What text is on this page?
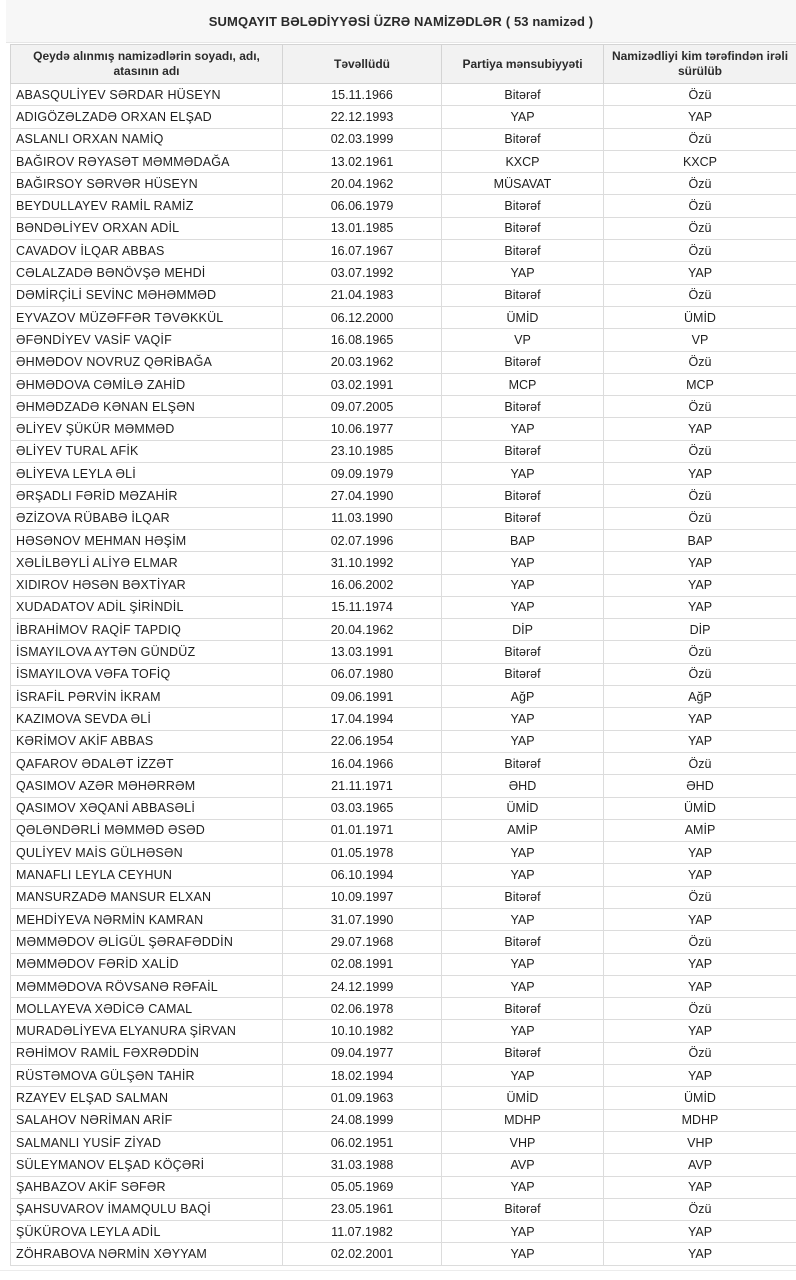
SUMQAYIT BƏLƏDİYYƏSİ ÜZRƏ NAMİZƏDLƏR ( 53 namizəd )
Qeydə alınmış namizədlərin soyadı, adı, atasının adı	Təvəllüdü	Partiya mənsubiyyəti	Namizədliyi kim tərəfindən irəli sürülüb
ABASQULİYEV SƏRDAR HÜSEYN	15.11.1966	Bitərəf	Özü
ADIGÖZƏLZADƏ ORXAN ELŞAD	22.12.1993	YAP	YAP
ASLANLI ORXAN NAMİQ	02.03.1999	Bitərəf	Özü
BAĞIROV RƏYASƏT MƏMMƏDAĞA	13.02.1961	KXCP	KXCP
BAĞIRSOY SƏRVƏR HÜSEYN	20.04.1962	MÜSAVAT	Özü
BEYDULLAYEV RAMİL RAMİZ	06.06.1979	Bitərəf	Özü
BƏNDƏLİYEV ORXAN ADİL	13.01.1985	Bitərəf	Özü
CAVADOV İLQAR ABBAS	16.07.1967	Bitərəf	Özü
CƏLALZADƏ BƏNÖVŞƏ MEHDİ	03.07.1992	YAP	YAP
DƏMİRÇİLİ SEVİNC MƏHƏMMƏD	21.04.1983	Bitərəf	Özü
EYVAZOV MÜZƏFFƏR TƏVƏKKÜL	06.12.2000	ÜMİD	ÜMİD
ƏFƏNDİYEV VASİF VAQİF	16.08.1965	VP	VP
ƏHMƏDOV NOVRUZ QƏRİBAĞA	20.03.1962	Bitərəf	Özü
ƏHMƏDOVA CƏMİLƏ ZAHİD	03.02.1991	MCP	MCP
ƏHMƏDZADƏ KƏNAN ELŞƏN	09.07.2005	Bitərəf	Özü
ƏLİYEV ŞÜKÜR MƏMMƏD	10.06.1977	YAP	YAP
ƏLİYEV TURAL AFİK	23.10.1985	Bitərəf	Özü
ƏLİYEVA LEYLA ƏLİ	09.09.1979	YAP	YAP
ƏRŞADLI FƏRİD MƏZAHİR	27.04.1990	Bitərəf	Özü
ƏZİZOVA RÜBABƏ İLQAR	11.03.1990	Bitərəf	Özü
HƏSƏNOV MEHMAN HƏŞİM	02.07.1996	BAP	BAP
XƏLİLBƏYLİ ALİYƏ ELMAR	31.10.1992	YAP	YAP
XIDIROV HƏSƏN BƏXTİYAR	16.06.2002	YAP	YAP
XUDADATOV ADİL ŞİRİNDİL	15.11.1974	YAP	YAP
İBRAHİMOV RAQİF TAPDIQ	20.04.1962	DİP	DİP
İSMAYILOVA AYTƏN GÜNDÜZ	13.03.1991	Bitərəf	Özü
İSMAYILOVA VƏFA TOFİQ	06.07.1980	Bitərəf	Özü
İSRAFİL PƏRVİN İKRAM	09.06.1991	AğP	AğP
KAZIMOVA SEVDA ƏLİ	17.04.1994	YAP	YAP
KƏRİMOV AKİF ABBAS	22.06.1954	YAP	YAP
QAFAROV ƏDALƏT İZZƏT	16.04.1966	Bitərəf	Özü
QASIMOV AZƏR MƏHƏRRƏM	21.11.1971	ƏHD	ƏHD
QASIMOV XƏQANİ ABBASƏLİ	03.03.1965	ÜMİD	ÜMİD
QƏLƏNDƏRLİ MƏMMƏD ƏSƏD	01.01.1971	AMİP	AMİP
QULİYEV MAİS GÜLHƏSƏN	01.05.1978	YAP	YAP
MANAFLI LEYLA CEYHUN	06.10.1994	YAP	YAP
MANSURZADƏ MANSUR ELXAN	10.09.1997	Bitərəf	Özü
MEHDİYEVA NƏRMİN KAMRAN	31.07.1990	YAP	YAP
MƏMMƏDOV ƏLİGÜL ŞƏRAFƏDDİN	29.07.1968	Bitərəf	Özü
MƏMMƏDOV FƏRİD XALİD	02.08.1991	YAP	YAP
MƏMMƏDOVA RÖVSANƏ RƏFAİL	24.12.1999	YAP	YAP
MOLLAYEVA XƏDİCƏ CAMAL	02.06.1978	Bitərəf	Özü
MURADƏLİYEVA ELYANURA ŞİRVAN	10.10.1982	YAP	YAP
RƏHİMOV RAMİL FƏXRƏDDİN	09.04.1977	Bitərəf	Özü
RÜSTƏMOVA GÜLŞƏN TAHİR	18.02.1994	YAP	YAP
RZAYEV ELŞAD SALMAN	01.09.1963	ÜMİD	ÜMİD
SALAHOV NƏRİMAN ARİF	24.08.1999	MDHP	MDHP
SALMANLI YUSİF ZİYAD	06.02.1951	VHP	VHP
SÜLEYMANOV ELŞAD KÖÇƏRİ	31.03.1988	AVP	AVP
ŞAHBAZOV AKİF SƏFƏR	05.05.1969	YAP	YAP
ŞAHSUVAROV İMAMQULU BAQİ	23.05.1961	Bitərəf	Özü
ŞÜKÜROVA LEYLA ADİL	11.07.1982	YAP	YAP
ZÖHRABOVA NƏRMİN XƏYYAM	02.02.2001	YAP	YAP
